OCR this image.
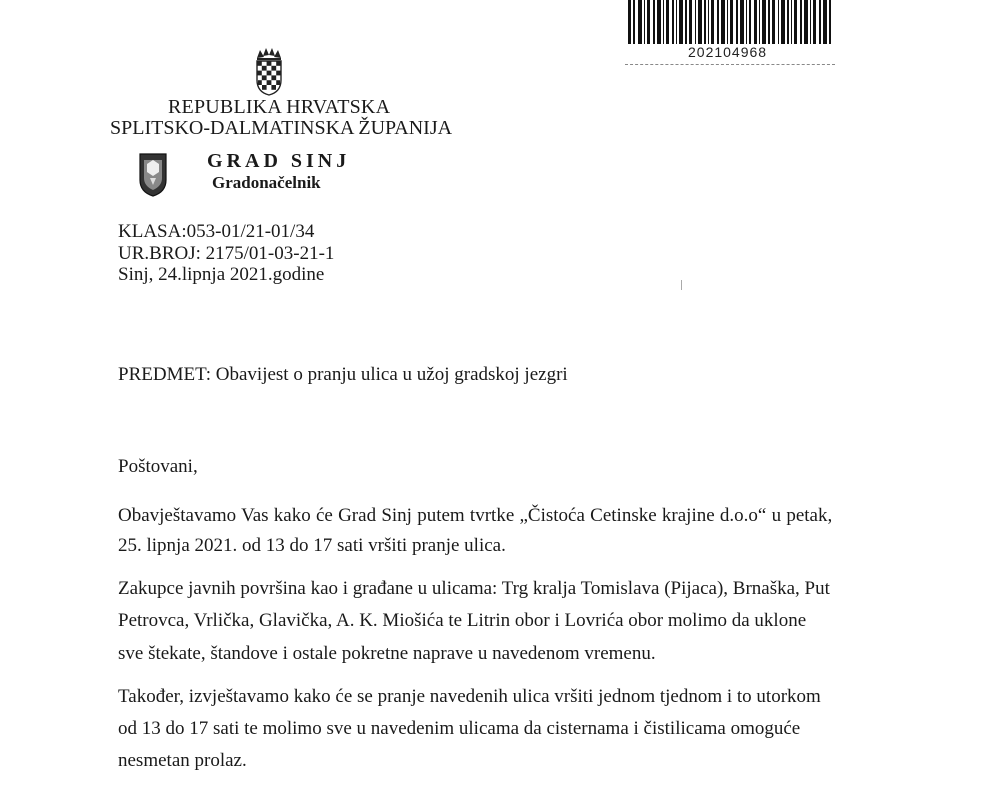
202104968
REPUBLIKA HRVATSKA
SPLITSKO-DALMATINSKA ŽUPANIJA
GRAD SINJ
Gradonačelnik
KLASA:053-01/21-01/34
UR.BROJ: 2175/01-03-21-1
Sinj, 24.lipnja 2021.godine
PREDMET: Obavijest o pranju ulica u užoj gradskoj jezgri
Poštovani,
Obavještavamo Vas kako će Grad Sinj putem tvrtke „Čistoća Cetinske krajine d.o.o“ u petak,
25. lipnja 2021. od 13 do 17 sati vršiti pranje ulica.
Zakupce javnih površina kao i građane u ulicama: Trg kralja Tomislava (Pijaca), Brnaška, Put
Petrovca, Vrlička, Glavička, A. K. Miošića te Litrin obor i Lovrića obor molimo da uklone
sve štekate, štandove i ostale pokretne naprave u navedenom vremenu.
Također, izvještavamo kako će se pranje navedenih ulica vršiti jednom tjednom i to utorkom
od 13 do 17 sati te molimo sve u navedenim ulicama da cisternama i čistilicama omoguće
nesmetan prolaz.
